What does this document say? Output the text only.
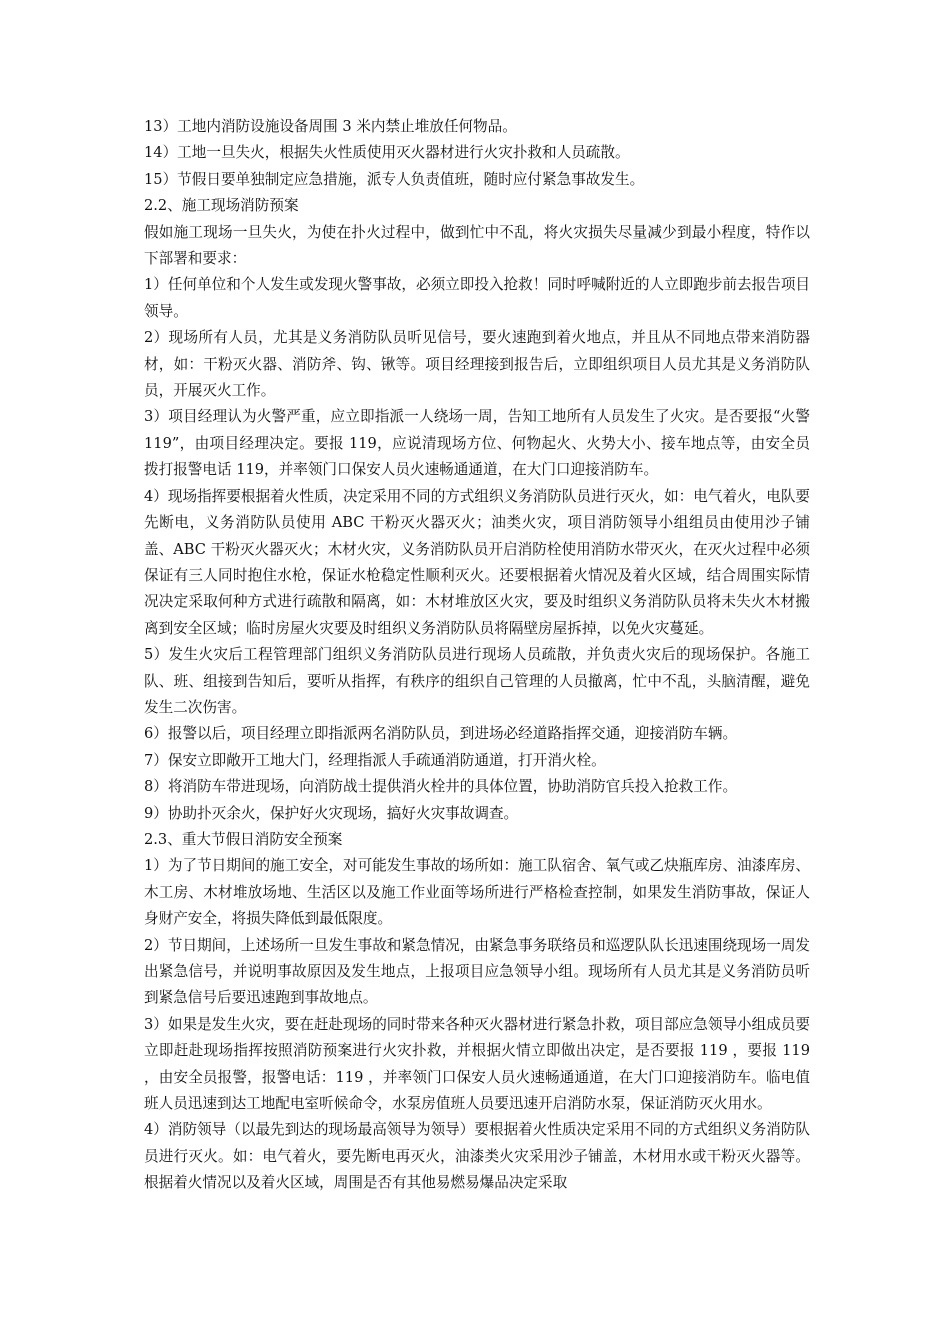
13）工地内消防设施设备周围 3 米内禁止堆放任何物品。

14）工地一旦失火，根据失火性质使用灭火器材进行火灾扑救和人员疏散。

15）节假日要单独制定应急措施，派专人负责值班，随时应付紧急事故发生。

2.2、施工现场消防预案

假如施工现场一旦失火，为使在扑火过程中，做到忙中不乱，将火灾损失尽量减少到最小程度，特作以下部署和要求：

1）任何单位和个人发生或发现火警事故，必须立即投入抢救！同时呼喊附近的人立即跑步前去报告项目领导。

2）现场所有人员，尤其是义务消防队员听见信号，要火速跑到着火地点，并且从不同地点带来消防器材，如：干粉灭火器、消防斧、钩、锹等。项目经理接到报告后，立即组织项目人员尤其是义务消防队员，开展灭火工作。

3）项目经理认为火警严重，应立即指派一人绕场一周，告知工地所有人员发生了火灾。是否要报“火警 119”，由项目经理决定。要报 119，应说清现场方位、何物起火、火势大小、接车地点等，由安全员拨打报警电话 119，并率领门口保安人员火速畅通通道，在大门口迎接消防车。

4）现场指挥要根据着火性质，决定采用不同的方式组织义务消防队员进行灭火，如：电气着火，电队要先断电，义务消防队员使用 ABC 干粉灭火器灭火；油类火灾，项目消防领导小组组员由使用沙子铺盖、ABC 干粉灭火器灭火；木材火灾，义务消防队员开启消防栓使用消防水带灭火，在灭火过程中必须保证有三人同时抱住水枪，保证水枪稳定性顺利灭火。还要根据着火情况及着火区域，结合周围实际情况决定采取何种方式进行疏散和隔离，如：木材堆放区火灾，要及时组织义务消防队员将未失火木材搬离到安全区域；临时房屋火灾要及时组织义务消防队员将隔壁房屋拆掉，以免火灾蔓延。

5）发生火灾后工程管理部门组织义务消防队员进行现场人员疏散，并负责火灾后的现场保护。各施工队、班、组接到告知后，要听从指挥，有秩序的组织自己管理的人员撤离，忙中不乱，头脑清醒，避免发生二次伤害。

6）报警以后，项目经理立即指派两名消防队员，到进场必经道路指挥交通，迎接消防车辆。

7）保安立即敞开工地大门，经理指派人手疏通消防通道，打开消火栓。

8）将消防车带进现场，向消防战士提供消火栓井的具体位置，协助消防官兵投入抢救工作。

9）协助扑灭余火，保护好火灾现场，搞好火灾事故调查。

2.3、重大节假日消防安全预案

1）为了节日期间的施工安全，对可能发生事故的场所如：施工队宿舍、氧气或乙炔瓶库房、油漆库房、木工房、木材堆放场地、生活区以及施工作业面等场所进行严格检查控制，如果发生消防事故，保证人身财产安全，将损失降低到最低限度。

2）节日期间，上述场所一旦发生事故和紧急情况，由紧急事务联络员和巡逻队队长迅速围绕现场一周发出紧急信号，并说明事故原因及发生地点，上报项目应急领导小组。现场所有人员尤其是义务消防员听到紧急信号后要迅速跑到事故地点。

3）如果是发生火灾，要在赶赴现场的同时带来各种灭火器材进行紧急扑救，项目部应急领导小组成员要立即赶赴现场指挥按照消防预案进行火灾扑救，并根据火情立即做出决定，是否要报 119 ，要报 119 ，由安全员报警，报警电话：119 ，并率领门口保安人员火速畅通通道，在大门口迎接消防车。临电值班人员迅速到达工地配电室听候命令，水泵房值班人员要迅速开启消防水泵，保证消防灭火用水。

4）消防领导（以最先到达的现场最高领导为领导）要根据着火性质决定采用不同的方式组织义务消防队员进行灭火。如：电气着火，要先断电再灭火，油漆类火灾采用沙子铺盖，木材用水或干粉灭火器等。根据着火情况以及着火区域，周围是否有其他易燃易爆品决定采取
